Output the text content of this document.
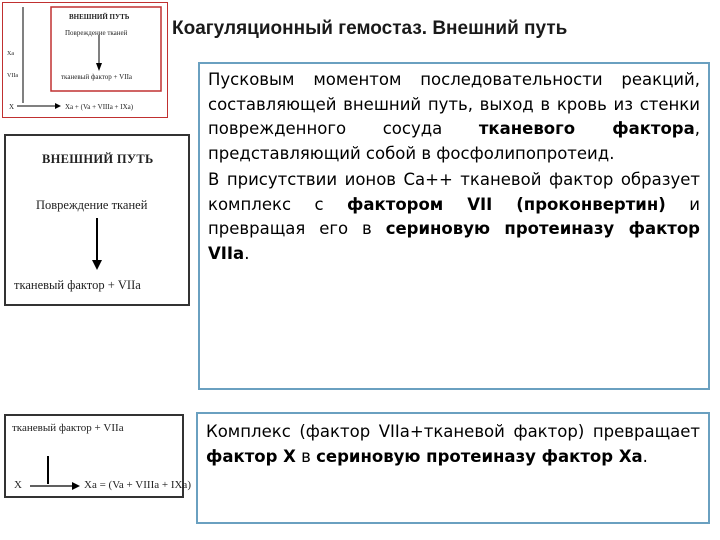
Коагуляционный гемостаз. Внешний путь
ВНЕШНИЙ ПУТЬ
Повреждение тканей
тканевый фактор + VIIa
Xa
VIIa
X	Xa + (Va + VIIIa + IXa)
ВНЕШНИЙ ПУТЬ
Повреждение тканей
тканевый фактор + VIIa
тканевый фактор + VIIa
X	Xa = (Va + VIIIa + IXa)

Пусковым моментом последовательности реакций, составляющей внешний путь, выход в кровь из стенки поврежденного сосуда тканевого фактора, представляющий собой в фосфолипопротеид.

В присутствии ионов Са++ тканевой фактор образует комплекс с фактором VII (проконвертин) и превращая его в сериновую протеиназу фактор VIIa.

Комплекс (фактор VIIa+тканевой фактор) превращает фактор Х в сериновую протеиназу фактор Ха.
